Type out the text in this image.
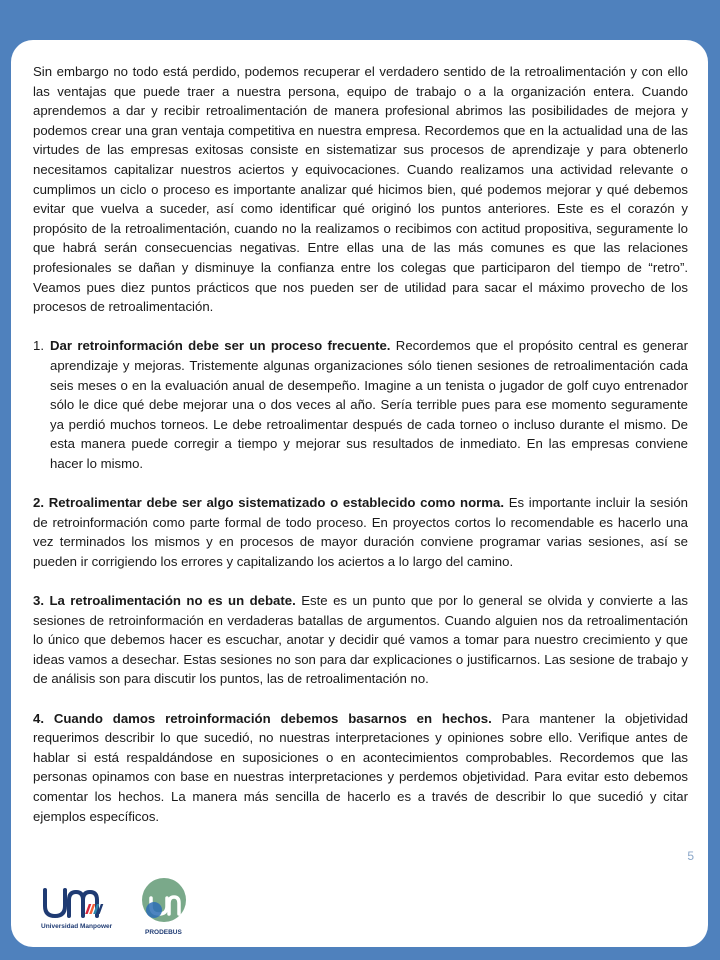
Sin embargo no todo está perdido, podemos recuperar el verdadero sentido de la retroalimentación y con ello las ventajas que puede traer a nuestra persona, equipo de trabajo o a la organización entera. Cuando aprendemos a dar y recibir retroalimentación de manera profesional abrimos las posibilidades de mejora y podemos crear una gran ventaja competitiva en nuestra empresa. Recordemos que en la actualidad una de las virtudes de las empresas exitosas consiste en sistematizar sus procesos de aprendizaje y para obtenerlo necesitamos capitalizar nuestros aciertos y equivocaciones. Cuando realizamos una actividad relevante o cumplimos un ciclo o proceso es importante analizar qué hicimos bien, qué podemos mejorar y qué debemos evitar que vuelva a suceder, así como identificar qué originó los puntos anteriores. Este es el corazón y propósito de la retroalimentación, cuando no la realizamos o recibimos con actitud propositiva, seguramente lo que habrá serán consecuencias negativas. Entre ellas una de las más comunes es que las relaciones profesionales se dañan y disminuye la confianza entre los colegas que participaron del tiempo de “retro”. Veamos pues diez puntos prácticos que nos pueden ser de utilidad para sacar el máximo provecho de los procesos de retroalimentación.

1. Dar retroinformación debe ser un proceso frecuente. Recordemos que el propósito central es generar aprendizaje y mejoras. Tristemente algunas organizaciones sólo tienen sesiones de retroalimentación cada seis meses o en la evaluación anual de desempeño. Imagine a un tenista o jugador de golf cuyo entrenador sólo le dice qué debe mejorar una o dos veces al año. Sería terrible pues para ese momento seguramente ya perdió muchos torneos. Le debe retroalimentar después de cada torneo o incluso durante el mismo. De esta manera puede corregir a tiempo y mejorar sus resultados de inmediato. En las empresas conviene hacer lo mismo.

2. Retroalimentar debe ser algo sistematizado o establecido como norma. Es importante incluir la sesión de retroinformación como parte formal de todo proceso. En proyectos cortos lo recomendable es hacerlo una vez terminados los mismos y en procesos de mayor duración conviene programar varias sesiones, así se pueden ir corrigiendo los errores y capitalizando los aciertos a lo largo del camino.

3. La retroalimentación no es un debate. Este es un punto que por lo general se olvida y convierte a las sesiones de retroinformación en verdaderas batallas de argumentos. Cuando alguien nos da retroalimentación lo único que debemos hacer es escuchar, anotar y decidir qué vamos a tomar para nuestro crecimiento y que ideas vamos a desechar. Estas sesiones no son para dar explicaciones o justificarnos. Las sesione de trabajo y de análisis son para discutir los puntos, las de retroalimentación no.

4. Cuando damos retroinformación debemos basarnos en hechos. Para mantener la objetividad requerimos describir lo que sucedió, no nuestras interpretaciones y opiniones sobre ello. Verifique antes de hablar si está respaldándose en suposiciones o en acontecimientos comprobables. Recordemos que las personas opinamos con base en nuestras interpretaciones y perdemos objetividad. Para evitar esto debemos comentar los hechos. La manera más sencilla de hacerlo es a través de describir lo que sucedió y citar ejemplos específicos.

5
Universidad Manpower
PRODEBUS
